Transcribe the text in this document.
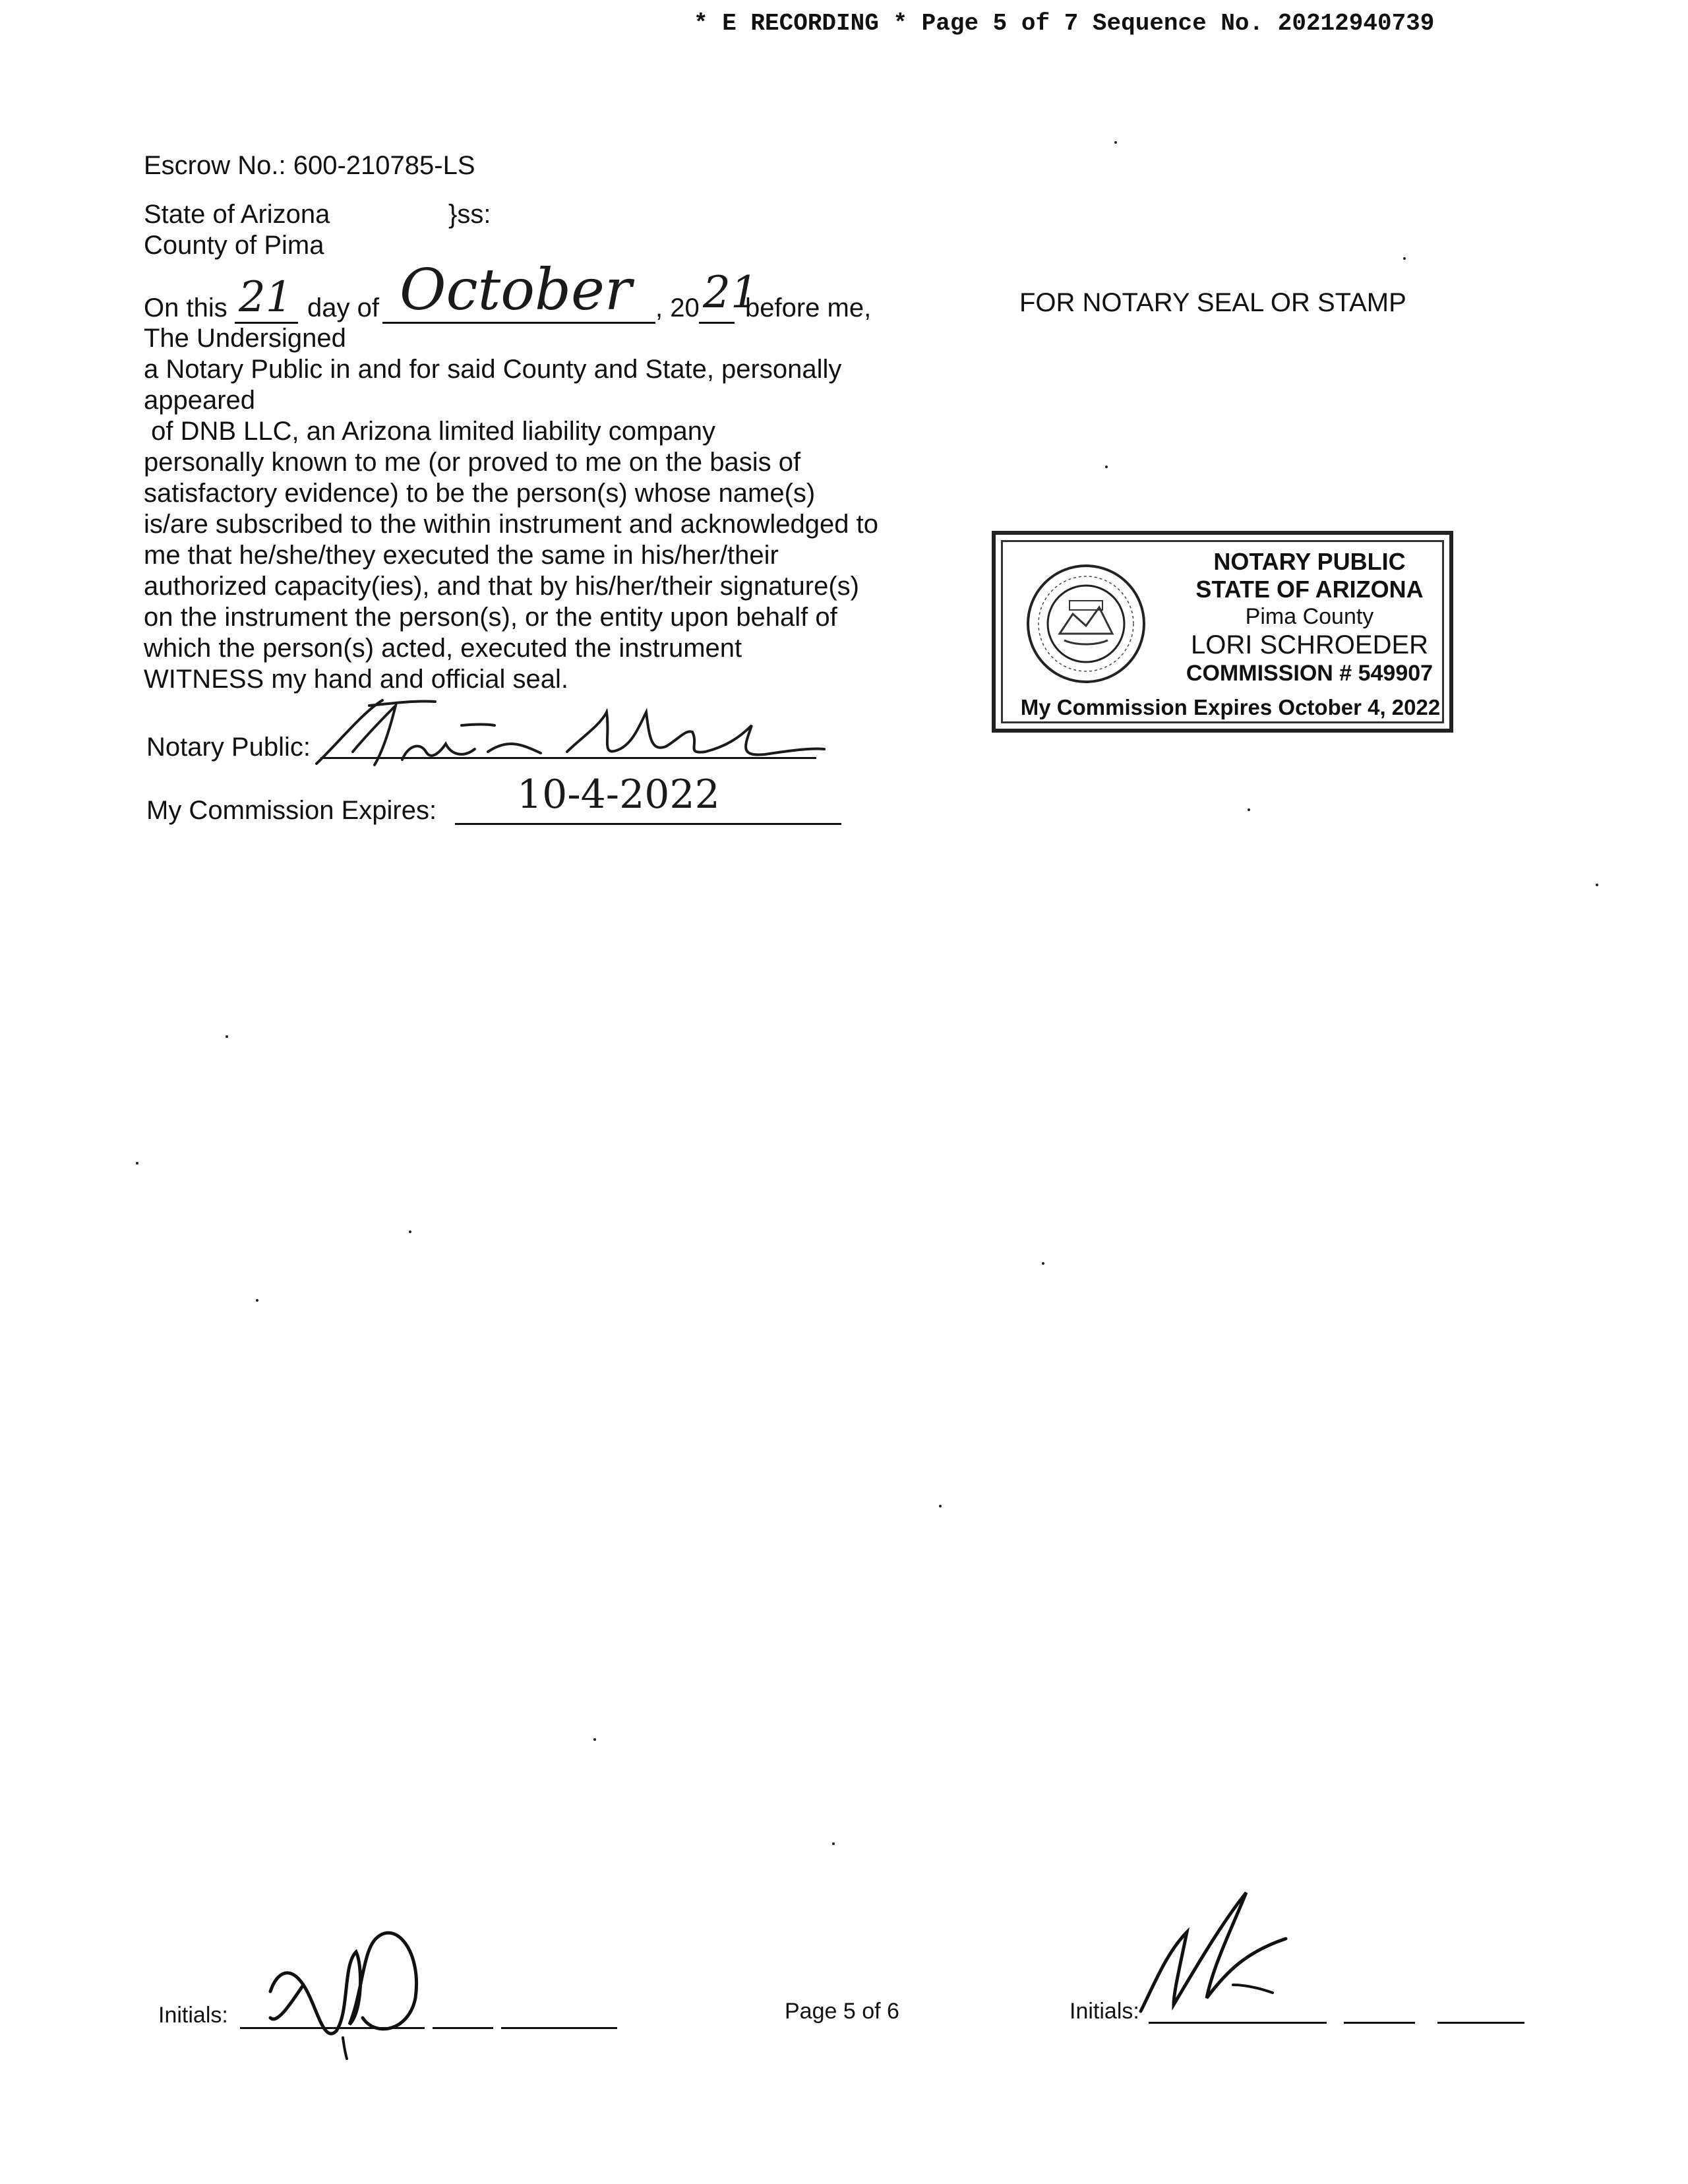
* E RECORDING * Page 5 of 7 Sequence No. 20212940739
Escrow No.: 600-210785-LS
State of Arizona	}ss:
County of Pima
On this 21 day of October , 20 21
before me,
The Undersigned
a Notary Public in and for said County and State, personally
appeared
of DNB LLC, an Arizona limited liability company
personally known to me (or proved to me on the basis of
satisfactory evidence) to be the person(s) whose name(s)
is/are subscribed to the within instrument and acknowledged to
me that he/she/they executed the same in his/her/their
authorized capacity(ies), and that by his/her/their signature(s)
on the instrument the person(s), or the entity upon behalf of
which the person(s) acted, executed the instrument
WITNESS my hand and official seal.
Notary Public:
My Commission Expires: 10-4-2022
FOR NOTARY SEAL OR STAMP
NOTARY PUBLIC
STATE OF ARIZONA
Pima County
LORI SCHROEDER
COMMISSION # 549907
My Commission Expires October 4, 2022
Initials:	Page 5 of 6	Initials:
